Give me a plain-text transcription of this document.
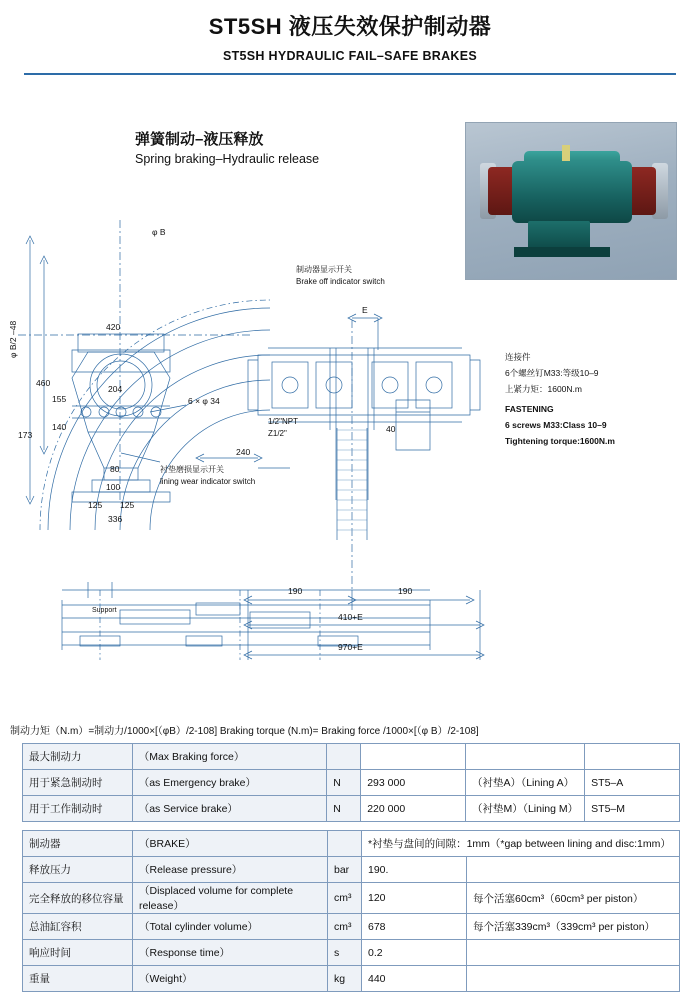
ST5SH 液压失效保护制动器
ST5SH HYDRAULIC FAIL–SAFE BRAKES
弹簧制动–液压释放
Spring braking–Hydraulic release
φ B
φ B/2 –48	420
204
460
155
140
173
80
100
125 125
336
6 × φ 34
240
E
40
190	190
410+E
970+E
制动器显示开关
Brake off indicator switch
衬垫磨损显示开关
lining wear indicator switch
1/2"NPT
Z1/2"
连接件
6个螺丝钉M33:等级10–9
上紧力矩：1600N.m
FASTENING
6 screws M33:Class 10–9
Tightening torque:1600N.m
Support
制动力矩（N.m）=制动力/1000×[（φB）/2-108] Braking torque (N.m)= Braking force /1000×[（φ B）/2-108]
最大制动力	（Max Braking force）				
用于紧急制动时	（as Emergency brake）	N	293 000	（衬垫A）（Lining A）	ST5–A
用于工作制动时	（as Service brake）	N	220 000	（衬垫M）（Lining M）	ST5–M
制动器	（BRAKE）		*衬垫与盘间的间隙：1mm（*gap between lining and disc:1mm）	
释放压力	（Release pressure）	bar	190.	
完全释放的移位容量	（Displaced volume for complete release）	cm³	120	每个活塞60cm³（60cm³ per piston）
总油缸容积	（Total cylinder volume）	cm³	678	每个活塞339cm³（339cm³ per piston）
响应时间	（Response time）	s	0.2	
重量	（Weight）	kg	440	
